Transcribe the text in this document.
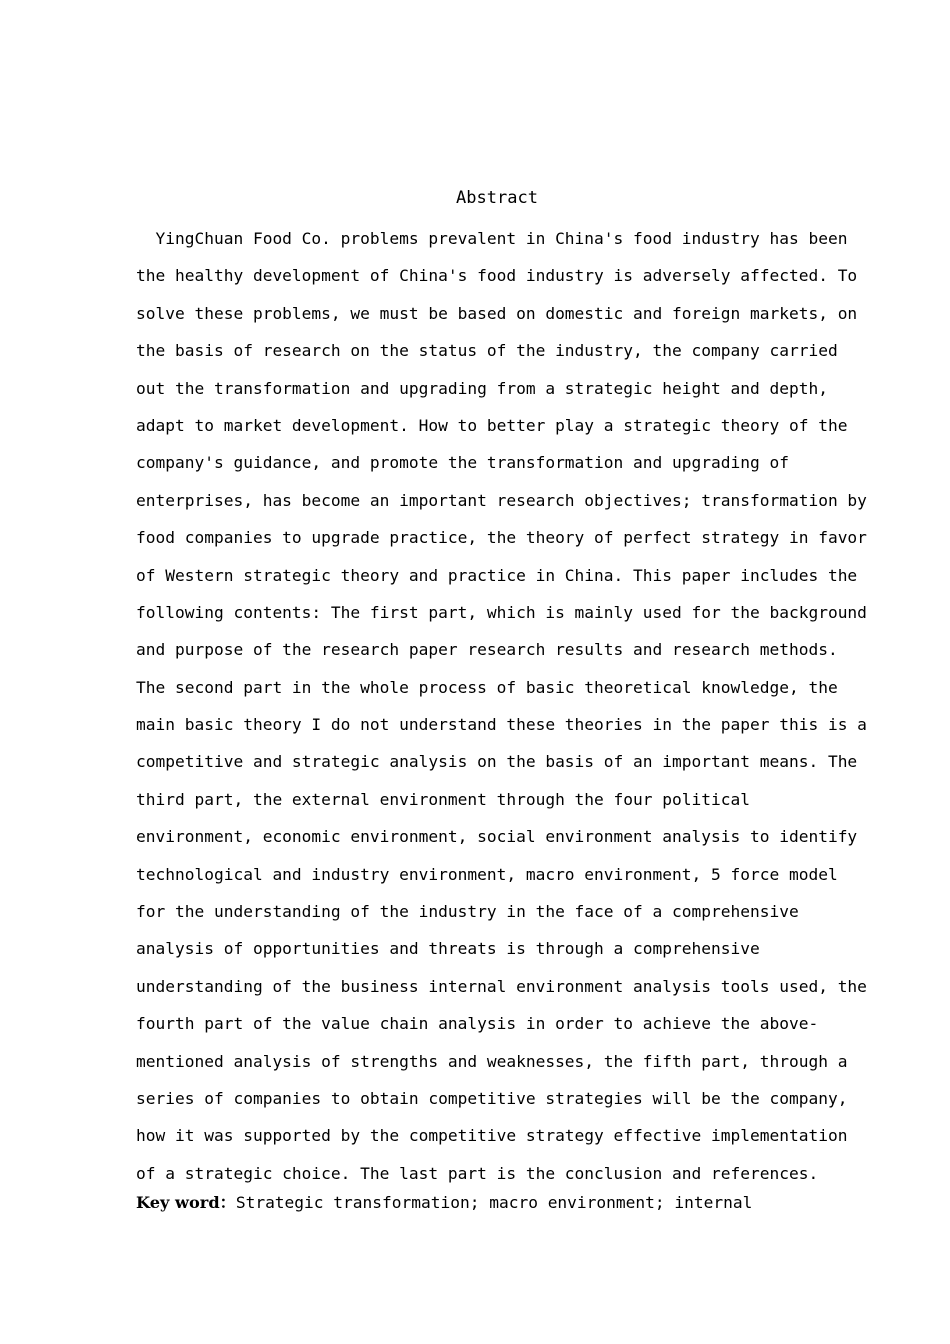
Abstract
YingChuan Food Co. problems prevalent in China's food industry has been
the healthy development of China's food industry is adversely affected. To
solve these problems, we must be based on domestic and foreign markets, on
the basis of research on the status of the industry, the company carried
out the transformation and upgrading from a strategic height and depth,
adapt to market development. How to better play a strategic theory of the
company's guidance, and promote the transformation and upgrading of
enterprises, has become an important research objectives; transformation by
food companies to upgrade practice, the theory of perfect strategy in favor
of Western strategic theory and practice in China. This paper includes the
following contents: The first part, which is mainly used for the background
and purpose of the research paper research results and research methods.
The second part in the whole process of basic theoretical knowledge, the
main basic theory I do not understand these theories in the paper this is a
competitive and strategic analysis on the basis of an important means. The
third part, the external environment through the four political
environment, economic environment, social environment analysis to identify
technological and industry environment, macro environment, 5 force model
for the understanding of the industry in the face of a comprehensive
analysis of opportunities and threats is through a comprehensive
understanding of the business internal environment analysis tools used, the
fourth part of the value chain analysis in order to achieve the above-
mentioned analysis of strengths and weaknesses, the fifth part, through a
series of companies to obtain competitive strategies will be the company,
how it was supported by the competitive strategy effective implementation
of a strategic choice. The last part is the conclusion and references.

Key word：Strategic transformation; macro environment; internal
